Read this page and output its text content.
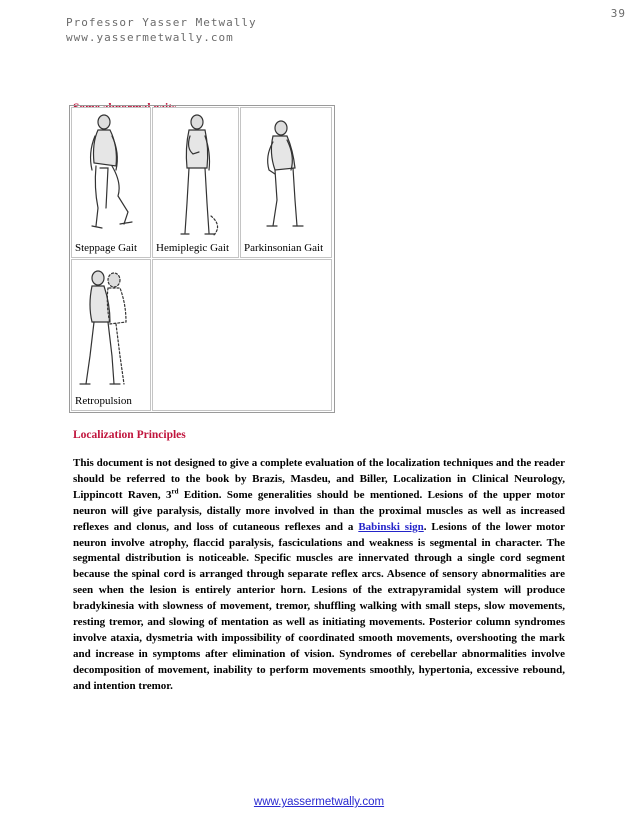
39
Professor Yasser Metwally
www.yassermetwally.com
Steppage Gait Hemiplegic Gait Parkinsonian Gait
Retropulsion
Localization Principles
This document is not designed to give a complete evaluation of the localization techniques and the reader should be referred to the book by Brazis, Masdeu, and Biller, Localization in Clinical Neurology, Lippincott Raven, 3rd Edition. Some generalities should be mentioned. Lesions of the upper motor neuron will give paralysis, distally more involved in than the proximal muscles as well as increased reflexes and clonus, and loss of cutaneous reflexes and a Babinski sign. Lesions of the lower motor neuron involve atrophy, flaccid paralysis, fasciculations and weakness is segmental in character. The segmental distribution is noticeable. Specific muscles are innervated through a single cord segment because the spinal cord is arranged through separate reflex arcs. Absence of sensory abnormalities are seen when the lesion is entirely anterior horn. Lesions of the extrapyramidal system will produce bradykinesia with slowness of movement, tremor, shuffling walking with small steps, slow movements, resting tremor, and slowing of mentation as well as initiating movements. Posterior column syndromes involve ataxia, dysmetria with impossibility of coordinated smooth movements, overshooting the mark and increase in symptoms after elimination of vision. Syndromes of cerebellar abnormalities involve decomposition of movement, inability to perform movements smoothly, hypertonia, excessive rebound, and intention tremor.
www.yassermetwally.com
